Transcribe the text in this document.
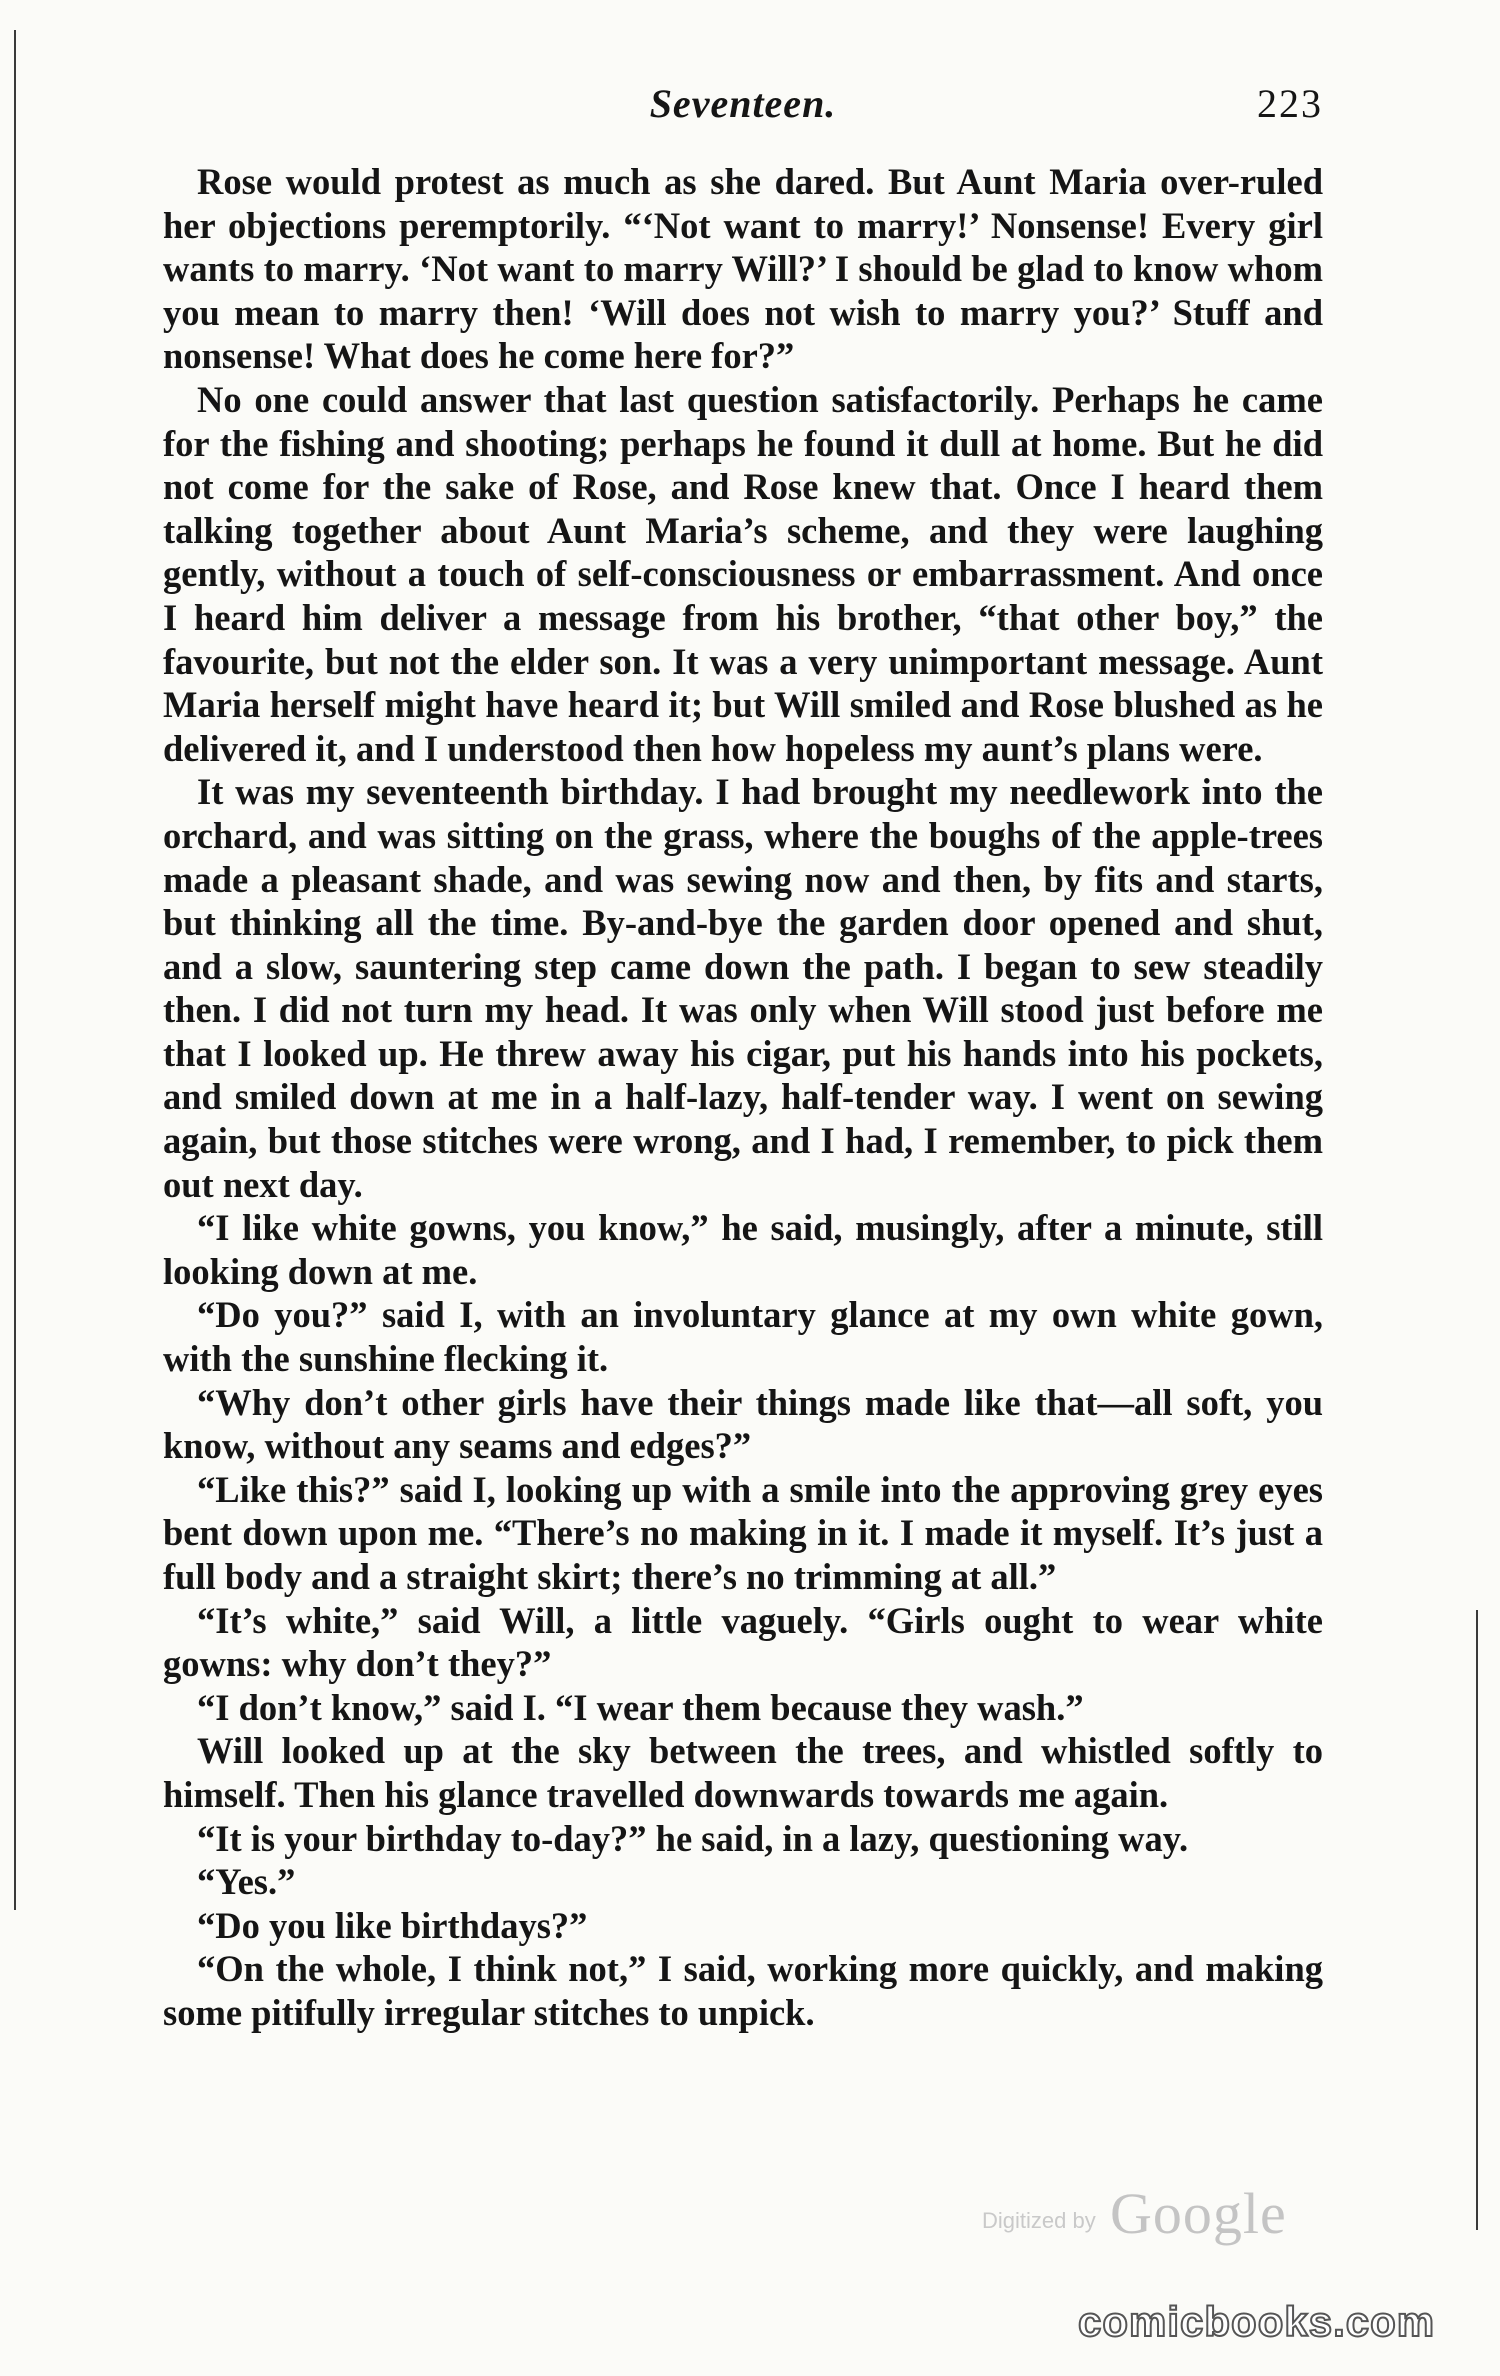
Seventeen.	223

Rose would protest as much as she dared. But Aunt Maria over-ruled her objections peremptorily. “‘Not want to marry!’ Nonsense! Every girl wants to marry. ‘Not want to marry Will?’ I should be glad to know whom you mean to marry then! ‘Will does not wish to marry you?’ Stuff and nonsense! What does he come here for?”

No one could answer that last question satisfactorily. Perhaps he came for the fishing and shooting; perhaps he found it dull at home. But he did not come for the sake of Rose, and Rose knew that. Once I heard them talking together about Aunt Maria’s scheme, and they were laughing gently, without a touch of self-consciousness or embarrassment. And once I heard him deliver a message from his brother, “that other boy,” the favourite, but not the elder son. It was a very unimportant message. Aunt Maria herself might have heard it; but Will smiled and Rose blushed as he delivered it, and I understood then how hopeless my aunt’s plans were.

It was my seventeenth birthday. I had brought my needlework into the orchard, and was sitting on the grass, where the boughs of the apple-trees made a pleasant shade, and was sewing now and then, by fits and starts, but thinking all the time. By-and-bye the garden door opened and shut, and a slow, sauntering step came down the path. I began to sew steadily then. I did not turn my head. It was only when Will stood just before me that I looked up. He threw away his cigar, put his hands into his pockets, and smiled down at me in a half-lazy, half-tender way. I went on sewing again, but those stitches were wrong, and I had, I remember, to pick them out next day.

“I like white gowns, you know,” he said, musingly, after a minute, still looking down at me.

“Do you?” said I, with an involuntary glance at my own white gown, with the sunshine flecking it.

“Why don’t other girls have their things made like that—all soft, you know, without any seams and edges?”

“Like this?” said I, looking up with a smile into the approving grey eyes bent down upon me. “There’s no making in it. I made it myself. It’s just a full body and a straight skirt; there’s no trimming at all.”

“It’s white,” said Will, a little vaguely. “Girls ought to wear white gowns: why don’t they?”

“I don’t know,” said I. “I wear them because they wash.”

Will looked up at the sky between the trees, and whistled softly to himself. Then his glance travelled downwards towards me again.

“It is your birthday to-day?” he said, in a lazy, questioning way.

“Yes.”

“Do you like birthdays?”

“On the whole, I think not,” I said, working more quickly, and making some pitifully irregular stitches to unpick.

Digitized by Google
comicbooks.com
